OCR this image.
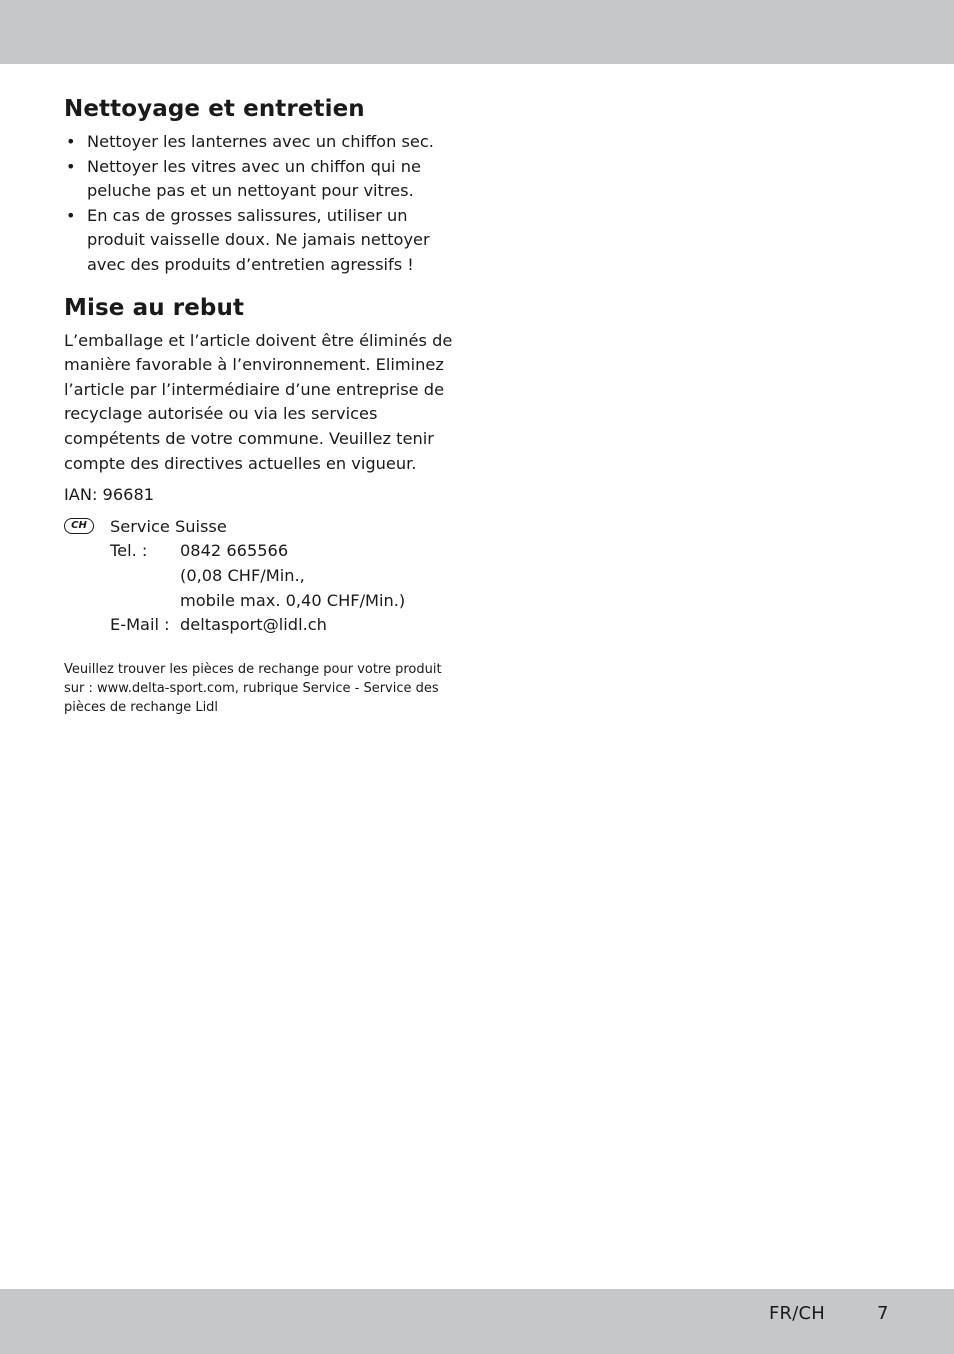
Nettoyage et entretien
• Nettoyer les lanternes avec un chiffon sec.
• Nettoyer les vitres avec un chiffon qui ne peluche pas et un nettoyant pour vitres.
• En cas de grosses salissures, utiliser un produit vaisselle doux. Ne jamais nettoyer avec des produits d’entretien agressifs !
Mise au rebut

L’emballage et l’article doivent être éliminés de manière favorable à l’environnement. Eliminez l’article par l’intermédiaire d’une entreprise de recyclage autorisée ou via les services compétents de votre commune. Veuillez tenir compte des directives actuelles en vigueur.

IAN: 96681
CH	Service Suisse
Tel. : 0842 665566
(0,08 CHF/Min.,
mobile max. 0,40 CHF/Min.)
E-Mail : deltasport@lidl.ch
Veuillez trouver les pièces de rechange pour votre produit sur : www.delta-sport.com, rubrique Service - Service des pièces de rechange Lidl
FR/CH	7
